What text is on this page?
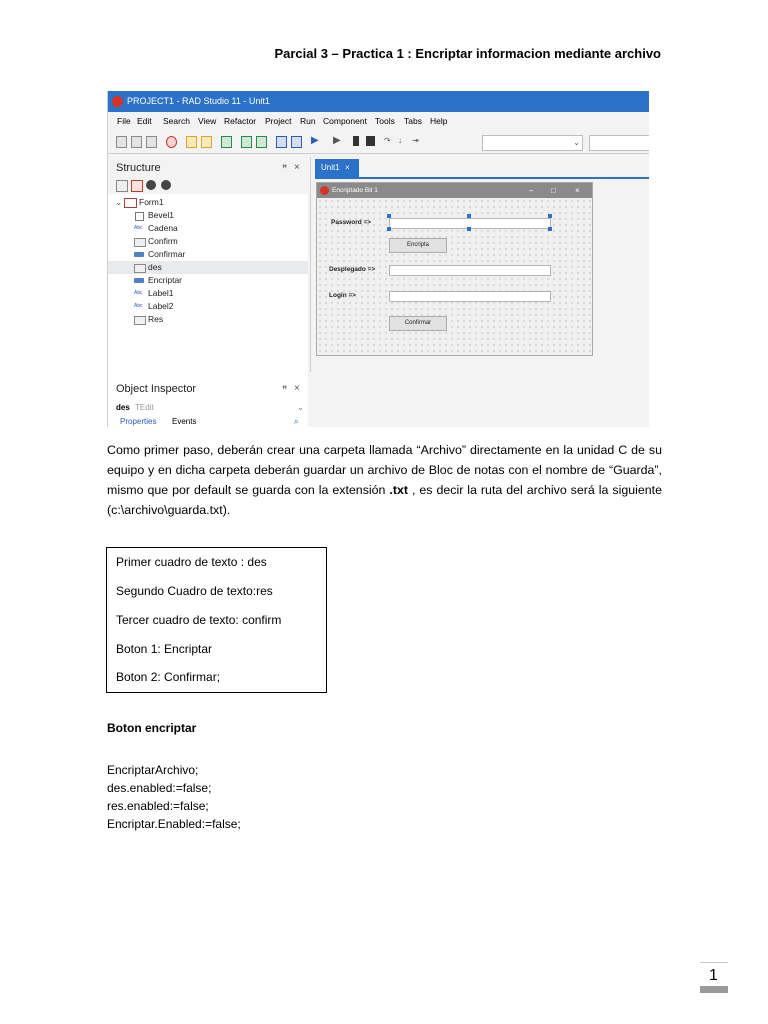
Parcial 3 – Practica 1 : Encriptar informacion mediante archivo
PROJECT1 - RAD Studio 11 - Unit1
File Edit Search View Refactor Project Run Component Tools Tabs Help
▶ ▶	↷ ↓	⇥	⌄
Structure	ꟸ ×
⌄ Form1
Bevel1
Abc Cadena
Confirm
Confirmar
des
Encriptar
Abc Label1
Abc Label2
Res
Object Inspector	ꟸ ×
des TEdit	⌄
Properties Events	⌕
Unit1 ×
Encriptado Bit 1	– □ ×
Password =>
Encripta
Desplegado =>
Login =>
Confirmar
Como primer paso, deberán crear una carpeta llamada “Archivo” directamente en la unidad C de su equipo y en dicha carpeta deberán guardar un archivo de Bloc de notas con el nombre de “Guarda”, mismo que por default se guarda con la extensión .txt , es decir la ruta del archivo será la siguiente (c:\archivo\guarda.txt).
Primer cuadro de texto : des
Segundo Cuadro de texto:res
Tercer cuadro de texto: confirm
Boton 1: Encriptar
Boton 2: Confirmar;
Boton encriptar
EncriptarArchivo;
des.enabled:=false;
res.enabled:=false;
Encriptar.Enabled:=false;
1
